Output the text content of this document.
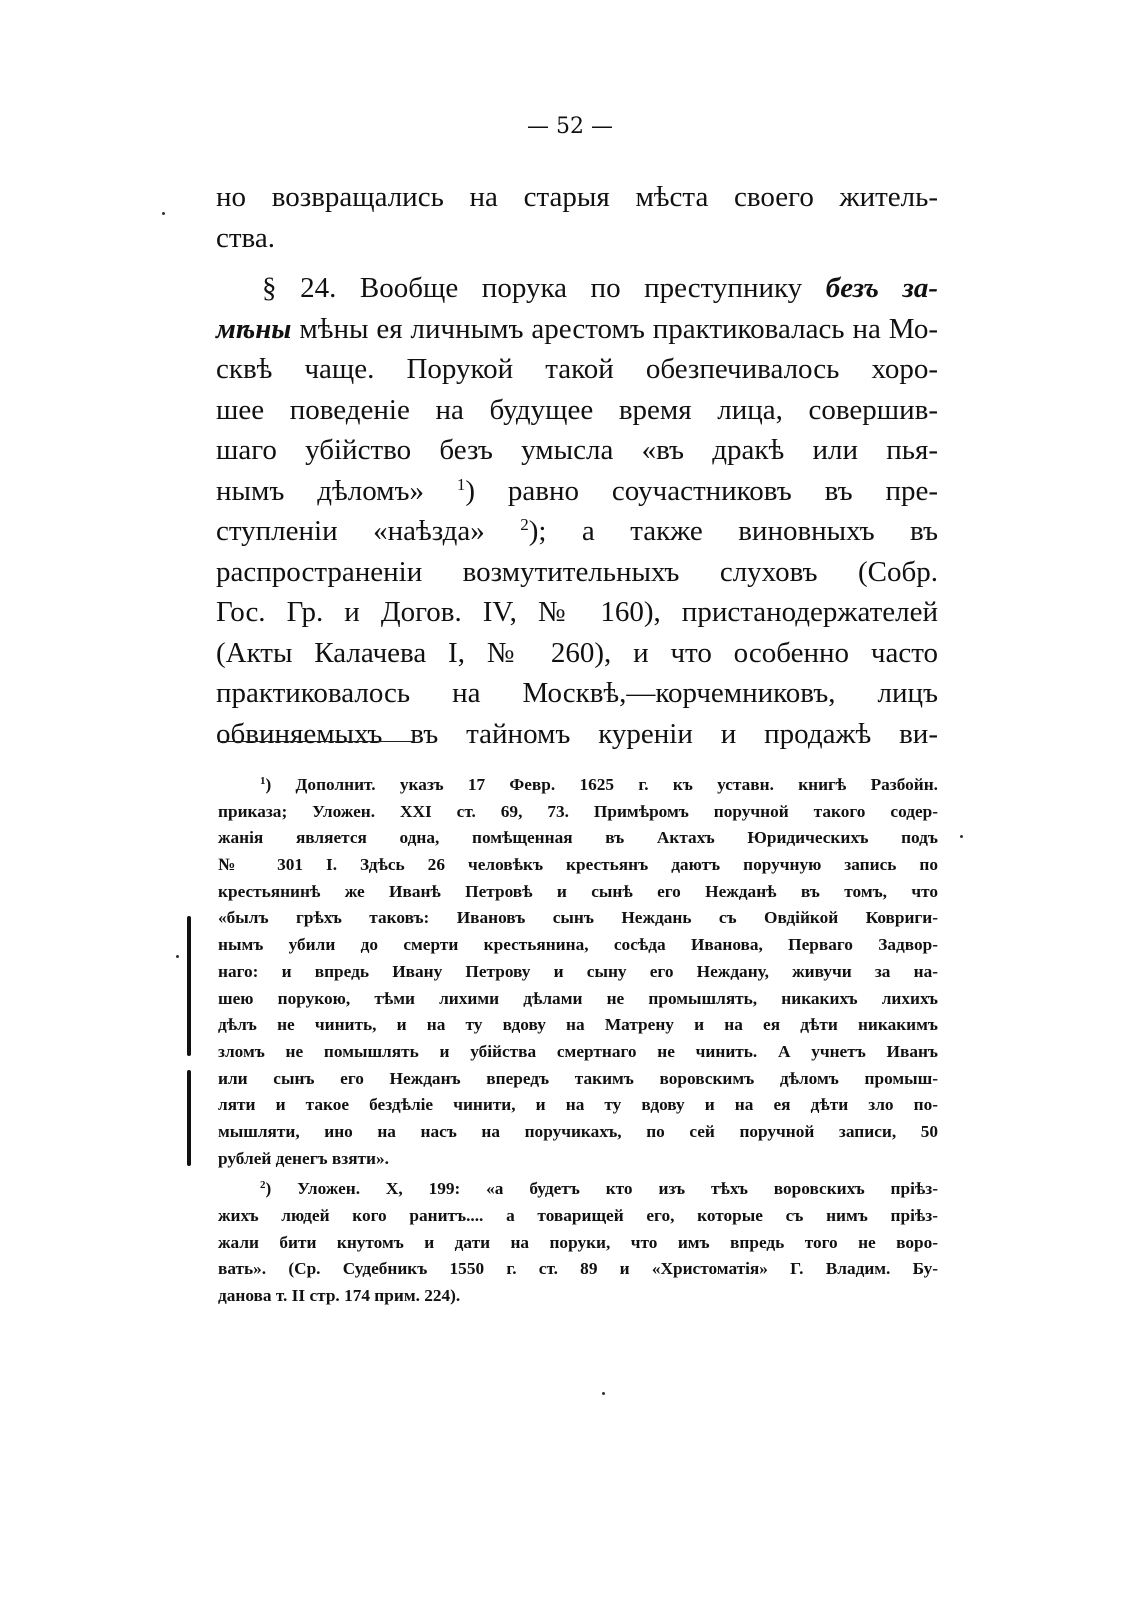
— 52 —
но возвращались на старыя мѣста своего житель-
ства.
§ 24. Вообще порука по преступнику безъ за-
мѣны мѣны ея личнымъ арестомъ практиковалась на Мо-
сквѣ чаще. Порукой такой обезпечивалось хоро-
шее поведеніе на будущее время лица, совершив-
шаго убійство безъ умысла «въ дракѣ или пья-
нымъ дѣломъ» $^1$) равно соучастниковъ въ пре-
ступленіи «наѣзда» $^2$); а также виновныхъ въ
распространеніи возмутительныхъ слуховъ (Собр.
Гос. Гр. и Догов. IV, № 160), пристанодержателей
(Акты Калачева I, № 260), и что особенно часто
практиковалось на Москвѣ,—корчемниковъ, лицъ
обвиняемыхъ въ тайномъ куреніи и продажѣ ви-
$^1$) Дополнит. указъ 17 Февр. 1625 г. къ уставн. книгѣ Разбойн.
приказа; Уложен. XXI ст. 69, 73. Примѣромъ поручной такого содер-
жанія является одна, помѣщенная въ Актахъ Юридическихъ подъ
№ 301 I. Здѣсь 26 человѣкъ крестьянъ даютъ поручную запись по
крестьянинѣ же Иванѣ Петровѣ и сынѣ его Нежданѣ въ томъ, что
«былъ грѣхъ таковъ: Ивановъ сынъ Неждань съ Овдійкой Ковриги-
нымъ убили до смерти крестьянина, сосѣда Иванова, Перваго Задвор-
наго: и впредь Ивану Петрову и сыну его Неждану, живучи за на-
шею порукою, тѣми лихими дѣлами не промышлять, никакихъ лихихъ
дѣлъ не чинить, и на ту вдову на Матрену и на ея дѣти никакимъ
зломъ не помышлять и убійства смертнаго не чинить. А учнетъ Иванъ
или сынъ его Нежданъ впередъ такимъ воровскимъ дѣломъ промыш-
ляти и такое бездѣліе чинити, и на ту вдову и на ея дѣти зло по-
мышляти, ино на насъ на поручикахъ, по сей поручной записи, 50
рублей денегъ взяти».
$^2$) Уложен. X, 199: «а будетъ кто изъ тѣхъ воровскихъ пріѣз-
жихъ людей кого ранитъ.... а товарищей его, которые съ нимъ пріѣз-
жали бити кнутомъ и дати на поруки, что имъ впредь того не воро-
вать». (Ср. Судебникъ 1550 г. ст. 89 и «Христоматія» Г. Владим. Бу-
данова т. II стр. 174 прим. 224).
